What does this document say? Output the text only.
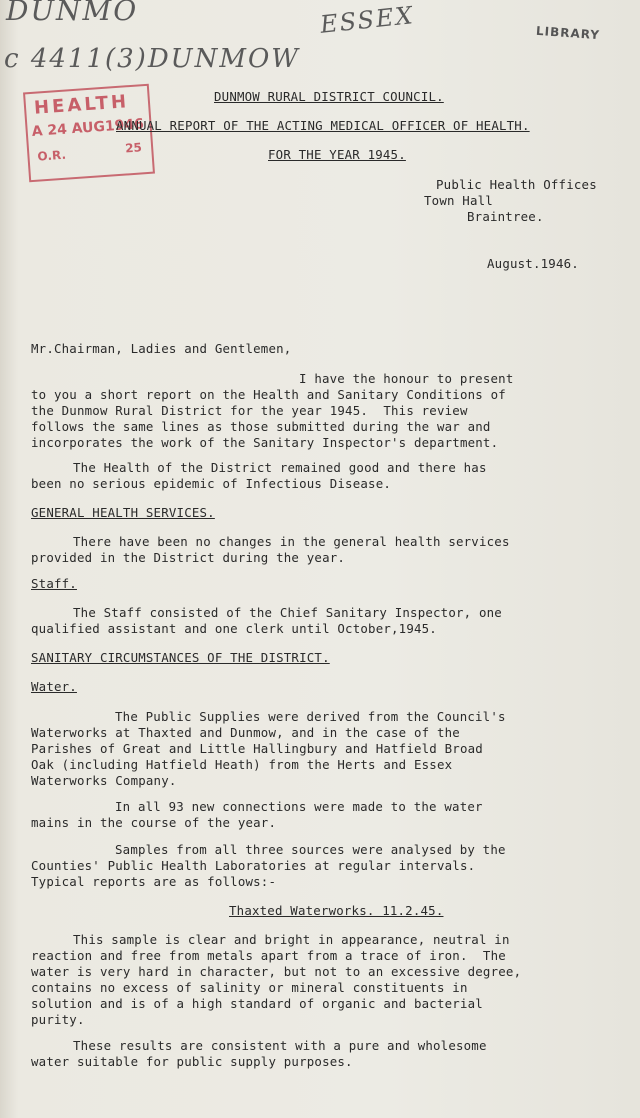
DUNMO
c 4411(3)DUNMOW
ESSEX	LIBRARY
HEALTH
A 24 AUG1946
O.R.	25
DUNMOW RURAL DISTRICT COUNCIL.
ANNUAL REPORT OF THE ACTING MEDICAL OFFICER OF HEALTH.
FOR THE YEAR 1945.
Public Health Offices
Town Hall
Braintree.
August.1946.
Mr.Chairman, Ladies and Gentlemen,
I have the honour to present
to you a short report on the Health and Sanitary Conditions of
the Dunmow Rural District for the year 1945.  This review
follows the same lines as those submitted during the war and
incorporates the work of the Sanitary Inspector's department.
The Health of the District remained good and there has
been no serious epidemic of Infectious Disease.
GENERAL HEALTH SERVICES.
There have been no changes in the general health services
provided in the District during the year.
Staff.
The Staff consisted of the Chief Sanitary Inspector, one
qualified assistant and one clerk until October,1945.
SANITARY CIRCUMSTANCES OF THE DISTRICT.
Water.
The Public Supplies were derived from the Council's
Waterworks at Thaxted and Dunmow, and in the case of the
Parishes of Great and Little Hallingbury and Hatfield Broad
Oak (including Hatfield Heath) from the Herts and Essex
Waterworks Company.
In all 93 new connections were made to the water
mains in the course of the year.
Samples from all three sources were analysed by the
Counties' Public Health Laboratories at regular intervals.
Typical reports are as follows:-
Thaxted Waterworks. 11.2.45.
This sample is clear and bright in appearance, neutral in
reaction and free from metals apart from a trace of iron.  The
water is very hard in character, but not to an excessive degree,
contains no excess of salinity or mineral constituents in
solution and is of a high standard of organic and bacterial
purity.
These results are consistent with a pure and wholesome
water suitable for public supply purposes.
